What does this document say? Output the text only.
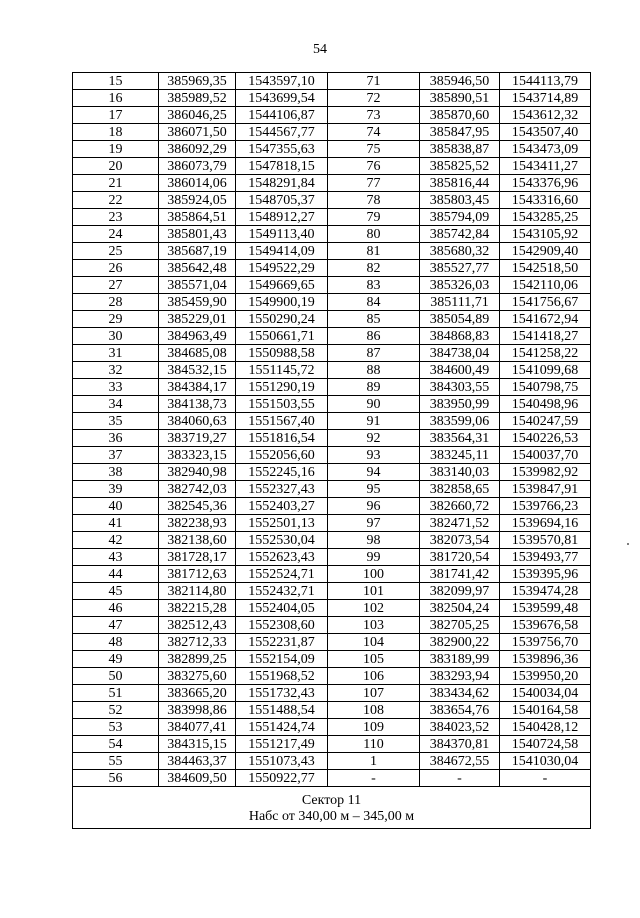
54
15	385969,35	1543597,10	71	385946,50	1544113,79
16	385989,52	1543699,54	72	385890,51	1543714,89
17	386046,25	1544106,87	73	385870,60	1543612,32
18	386071,50	1544567,77	74	385847,95	1543507,40
19	386092,29	1547355,63	75	385838,87	1543473,09
20	386073,79	1547818,15	76	385825,52	1543411,27
21	386014,06	1548291,84	77	385816,44	1543376,96
22	385924,05	1548705,37	78	385803,45	1543316,60
23	385864,51	1548912,27	79	385794,09	1543285,25
24	385801,43	1549113,40	80	385742,84	1543105,92
25	385687,19	1549414,09	81	385680,32	1542909,40
26	385642,48	1549522,29	82	385527,77	1542518,50
27	385571,04	1549669,65	83	385326,03	1542110,06
28	385459,90	1549900,19	84	385111,71	1541756,67
29	385229,01	1550290,24	85	385054,89	1541672,94
30	384963,49	1550661,71	86	384868,83	1541418,27
31	384685,08	1550988,58	87	384738,04	1541258,22
32	384532,15	1551145,72	88	384600,49	1541099,68
33	384384,17	1551290,19	89	384303,55	1540798,75
34	384138,73	1551503,55	90	383950,99	1540498,96
35	384060,63	1551567,40	91	383599,06	1540247,59
36	383719,27	1551816,54	92	383564,31	1540226,53
37	383323,15	1552056,60	93	383245,11	1540037,70
38	382940,98	1552245,16	94	383140,03	1539982,92
39	382742,03	1552327,43	95	382858,65	1539847,91
40	382545,36	1552403,27	96	382660,72	1539766,23
41	382238,93	1552501,13	97	382471,52	1539694,16
42	382138,60	1552530,04	98	382073,54	1539570,81
43	381728,17	1552623,43	99	381720,54	1539493,77
44	381712,63	1552524,71	100	381741,42	1539395,96
45	382114,80	1552432,71	101	382099,97	1539474,28
46	382215,28	1552404,05	102	382504,24	1539599,48
47	382512,43	1552308,60	103	382705,25	1539676,58
48	382712,33	1552231,87	104	382900,22	1539756,70
49	382899,25	1552154,09	105	383189,99	1539896,36
50	383275,60	1551968,52	106	383293,94	1539950,20
51	383665,20	1551732,43	107	383434,62	1540034,04
52	383998,86	1551488,54	108	383654,76	1540164,58
53	384077,41	1551424,74	109	384023,52	1540428,12
54	384315,15	1551217,49	110	384370,81	1540724,58
55	384463,37	1551073,43	1	384672,55	1541030,04
56	384609,50	1550922,77	-	-	-

Сектор 11
Набс от 340,00 м – 345,00 м					
